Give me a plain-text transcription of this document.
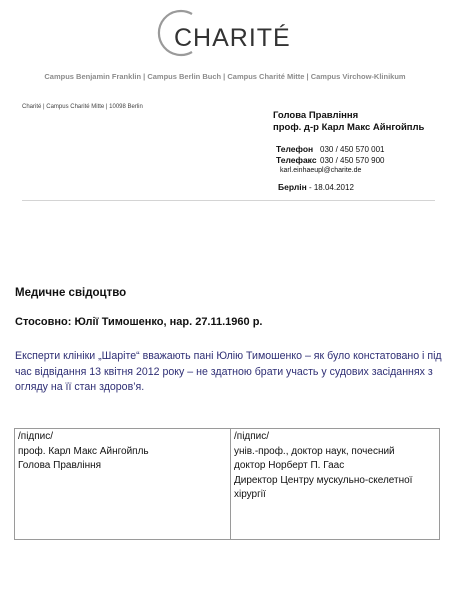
CHARITÉ
Campus Benjamin Franklin | Campus Berlin Buch | Campus Charité Mitte | Campus Virchow-Klinikum
Charité | Campus Charité Mitte | 10098 Berlin
Голова Правління
проф. д-р Карл Макс Айнгойпль
Телефон 030 / 450 570 001
Телефакс 030 / 450 570 900
karl.einhaeupl@charite.de
Берлін - 18.04.2012
Медичне свідоцтво
Стосовно: Юлії Тимошенко, нар. 27.11.1960 р.
Експерти клініки „Шаріте“ вважають пані Юлію Тимошенко – як було констатовано і під час відвідання 13 квітня 2012 року – не здатною брати участь у судових засіданнях з огляду на її стан здоров’я.
/підпис/
проф. Карл Макс Айнгойпль
Голова Правління

/підпис/
унів.-проф., доктор наук, почесний
доктор Норберт П. Гаас
Директор Центру мускульно-скелетної
хірургії
